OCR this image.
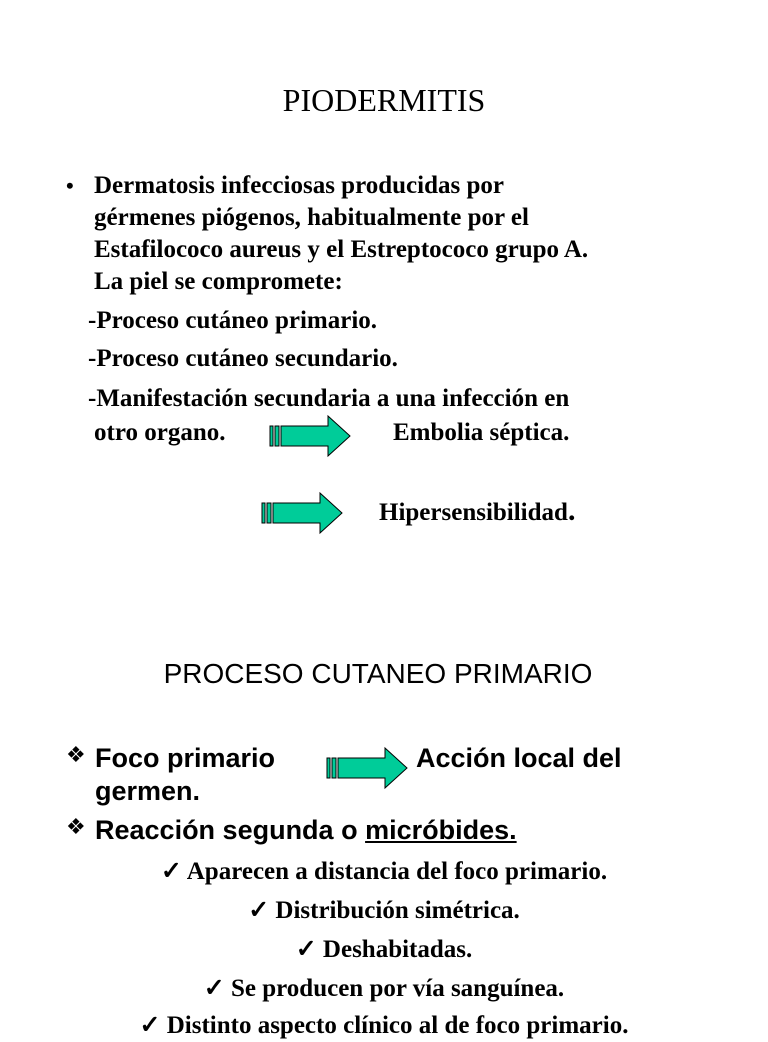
PIODERMITIS
• Dermatosis infecciosas producidas por
gérmenes piógenos, habitualmente por el
Estafilococo aureus y el Estreptococo grupo A.
La piel se compromete:
-Proceso cutáneo primario.
-Proceso cutáneo secundario.
-Manifestación secundaria a una infección en
otro organo.	Embolia séptica.
Hipersensibilidad.
PROCESO CUTANEO PRIMARIO
❖ Foco primario	Acción local del
germen.
❖ Reacción segunda o micróbides.
✓ Aparecen a distancia del foco primario.
✓ Distribución simétrica.
✓ Deshabitadas.
✓ Se producen por vía sanguínea.
✓ Distinto aspecto clínico al de foco primario.
